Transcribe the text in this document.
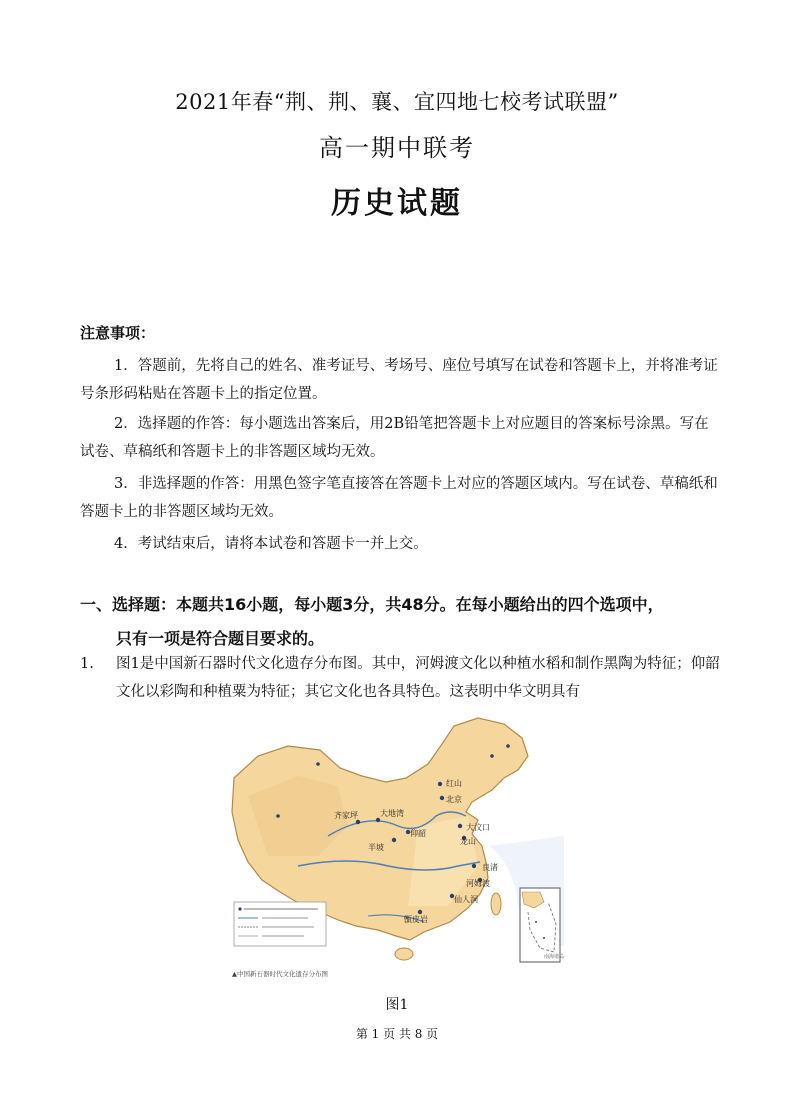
2021年春“荆、荆、襄、宜四地七校考试联盟”
高一期中联考
历史试题
注意事项：
1．答题前，先将自己的姓名、准考证号、考场号、座位号填写在试卷和答题卡上，并将准考证号条形码粘贴在答题卡上的指定位置。
2．选择题的作答：每小题选出答案后，用2B铅笔把答题卡上对应题目的答案标号涂黑。写在试卷、草稿纸和答题卡上的非答题区域均无效。
3．非选择题的作答：用黑色签字笔直接答在答题卡上对应的答题区域内。写在试卷、草稿纸和答题卡上的非答题区域均无效。
4．考试结束后，请将本试卷和答题卡一并上交。
一、选择题：本题共16小题，每小题3分，共48分。在每小题给出的四个选项中，
只有一项是符合题目要求的。
1.	图1是中国新石器时代文化遗存分布图。其中，河姆渡文化以种植水稻和制作黑陶为特征；仰韶文化以彩陶和种植粟为特征；其它文化也各具特色。这表明中华文明具有
红山
北京
大汶口
齐家坪	大地湾
仰韶
半坡
龙山
良渚
河姆渡
仙人洞
甑皮岩
南海诸岛
▲中国新石器时代文化遗存分布图
图1
第 1 页 共 8 页
